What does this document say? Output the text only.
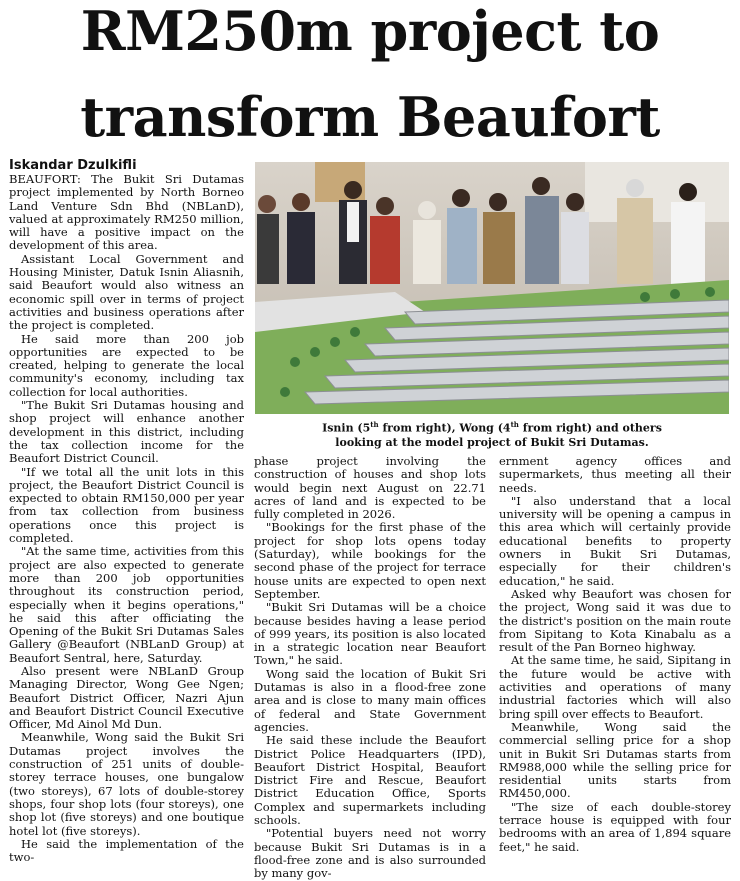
RM250m project to
transform Beaufort
Iskandar Dzulkifli

BEAUFORT: The Bukit Sri Dutamas project implemented by North Borneo Land Venture Sdn Bhd (NBLanD), valued at approximately RM250 million, will have a positive impact on the development of this area.

Assistant Local Government and Housing Minister, Datuk Isnin Aliasnih, said Beaufort would also witness an economic spill over in terms of project activities and business operations after the project is completed.

He said more than 200 job opportunities are expected to be created, helping to generate the local community's economy, including tax collection for local authorities.

"The Bukit Sri Dutamas housing and shop project will enhance another development in this district, including the tax collection income for the Beaufort District Council.

"If we total all the unit lots in this project, the Beaufort District Council is expected to obtain RM150,000 per year from tax collection from business operations once this project is completed.

"At the same time, activities from this project are also expected to generate more than 200 job opportunities throughout its construction period, especially when it begins operations," he said this after officiating the Opening of the Bukit Sri Dutamas Sales Gallery @Beaufort (NBLanD Group) at Beaufort Sentral, here, Saturday.

Also present were NBLanD Group Managing Director, Wong Gee Ngen; Beaufort District Officer, Nazri Ajun and Beaufort District Council Executive Officer, Md Ainol Md Dun.

Meanwhile, Wong said the Bukit Sri Dutamas project involves the construction of 251 units of double-storey terrace houses, one bungalow (two storeys), 67 lots of double-storey shops, four shop lots (four storeys), one shop lot (five storeys) and one boutique hotel lot (five storeys).

He said the implementation of the two-

Isnin (5th from right), Wong (4th from right) and others
looking at the model project of Bukit Sri Dutamas.

phase project involving the construction of houses and shop lots would begin next August on 22.71 acres of land and is expected to be fully completed in 2026.

"Bookings for the first phase of the project for shop lots opens today (Saturday), while bookings for the second phase of the project for terrace house units are expected to open next September.

"Bukit Sri Dutamas will be a choice because besides having a lease period of 999 years, its position is also located in a strategic location near Beaufort Town," he said.

Wong said the location of Bukit Sri Dutamas is also in a flood-free zone area and is close to many main offices of federal and State Government agencies.

He said these include the Beaufort District Police Headquarters (IPD), Beaufort District Hospital, Beaufort District Fire and Rescue, Beaufort District Education Office, Sports Complex and supermarkets including schools.

"Potential buyers need not worry because Bukit Sri Dutamas is in a flood-free zone and is also surrounded by many gov-

ernment agency offices and supermarkets, thus meeting all their needs.

"I also understand that a local university will be opening a campus in this area which will certainly provide educational benefits to property owners in Bukit Sri Dutamas, especially for their children's education," he said.

Asked why Beaufort was chosen for the project, Wong said it was due to the district's position on the main route from Sipitang to Kota Kinabalu as a result of the Pan Borneo highway.

At the same time, he said, Sipitang in the future would be active with activities and operations of many industrial factories which will also bring spill over effects to Beaufort.

Meanwhile, Wong said the commercial selling price for a shop unit in Bukit Sri Dutamas starts from RM988,000 while the selling price for residential units starts from RM450,000.

"The size of each double-storey terrace house is equipped with four bedrooms with an area of 1,894 square feet," he said.
